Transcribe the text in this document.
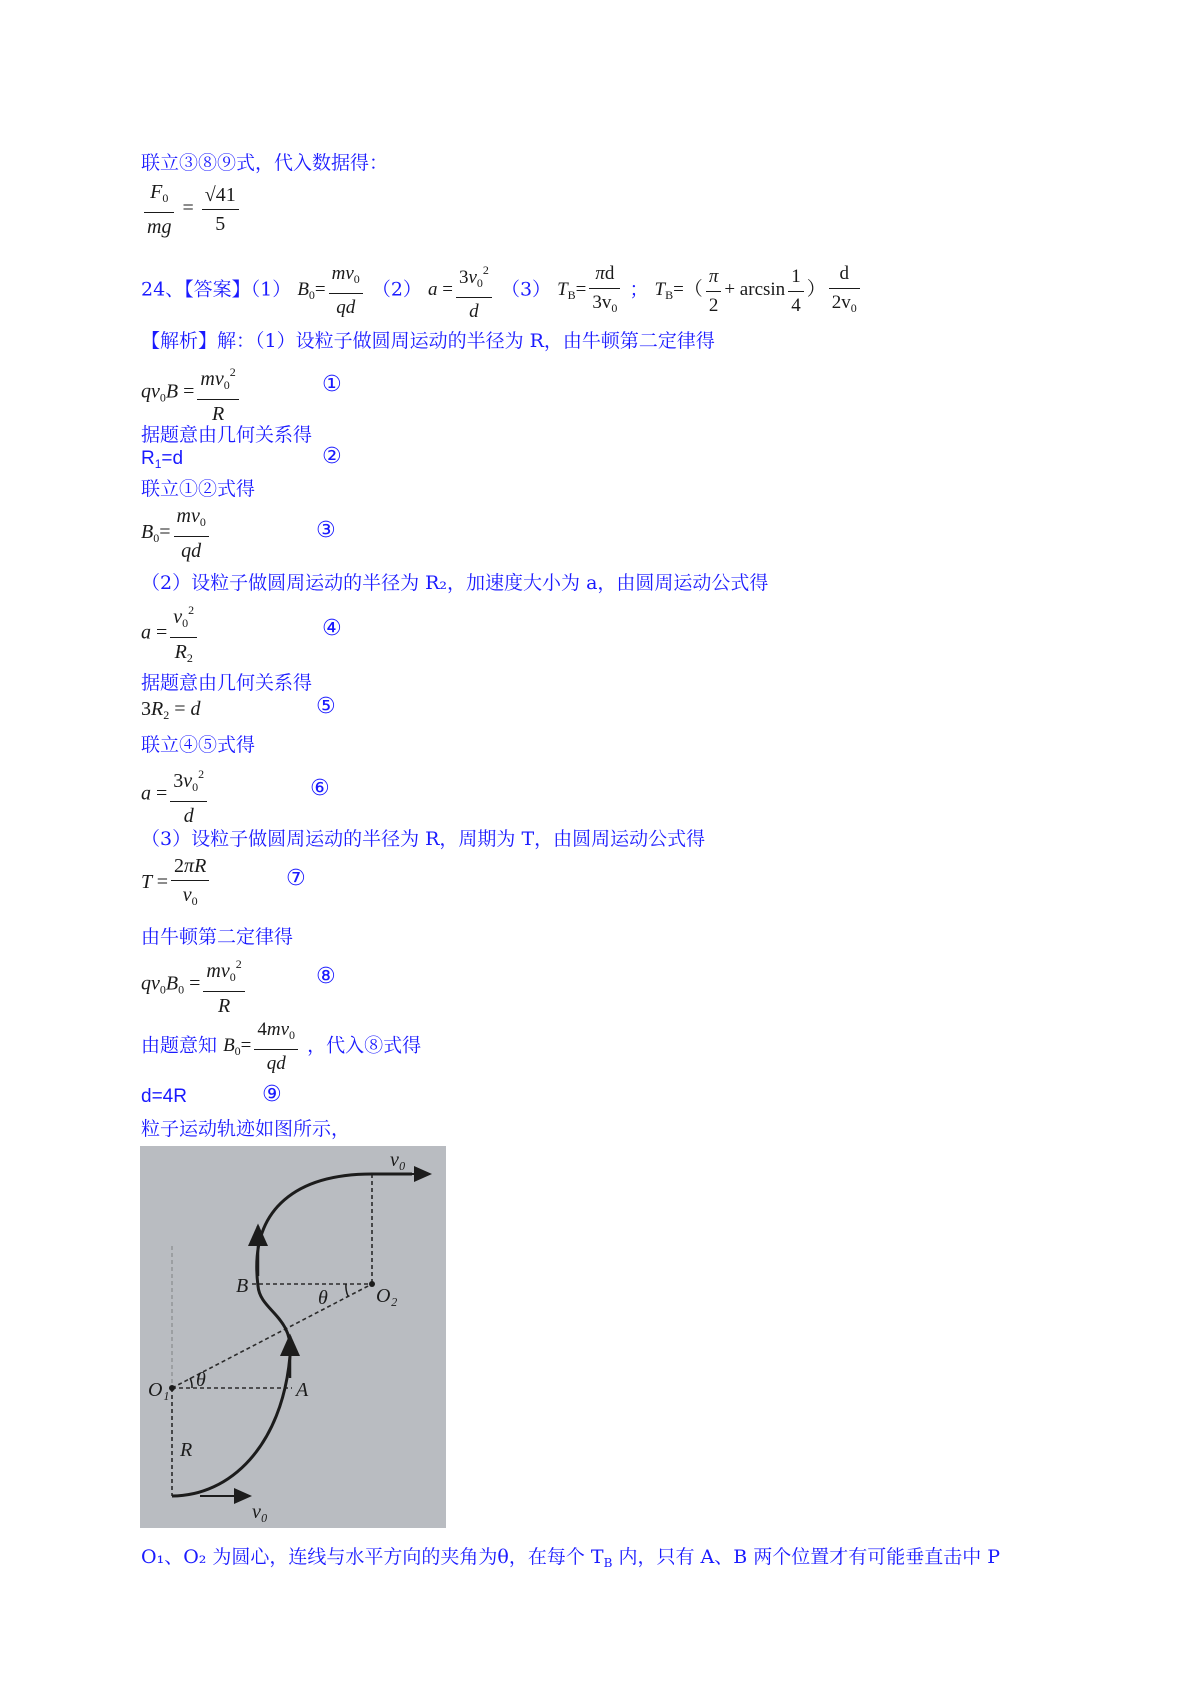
联立③⑧⑨式，代入数据得：
$\frac{F_0}{mg} = \frac{√41}{5}$
24、【答案】（1） $B_0= \frac{mv_0}{qd} (2) a = \frac{3v_0^2}{d} (3)$ $T_B= \frac{\pi d}{3v_0}$ ； $T_B=( \frac{\pi}{2} + \arcsin \frac{1}{4}$ ） $\frac{d}{2v_0}$
【解析】解：（1）设粒子做圆周运动的半径为 R，由牛顿第二定律得
$qv_0B = \frac{mv_0^2}{R}$	①
据题意由几何关系得
$R_1=d$	②
联立①②式得
$B_0= \frac{mv_0}{qd}$	③
（2）设粒子做圆周运动的半径为 R₂，加速度大小为 a，由圆周运动公式得
$a = \frac{v_0^2}{R_2}$	④
据题意由几何关系得
$3R_2 = d$	⑤
联立④⑤式得
$a = \frac{3v_0^2}{d}$	⑥
（3）设粒子做圆周运动的半径为 R，周期为 T，由圆周运动公式得
$T = \frac{2\pi R}{v_0}$	⑦
由牛顿第二定律得
$qv_0B_0 = \frac{mv_0^2}{R}$	⑧
由题意知 $B_0= \frac{4mv_0}{qd}$ ，代入⑧式得
d=4R	⑨
粒子运动轨迹如图所示，
v₀
v₀
B
A
O₁
O₂
θ
θ
R
O₁、O₂ 为圆心，连线与水平方向的夹角为θ，在每个 $T_B$ 内，只有 A、B 两个位置才有可能垂直击中 P
